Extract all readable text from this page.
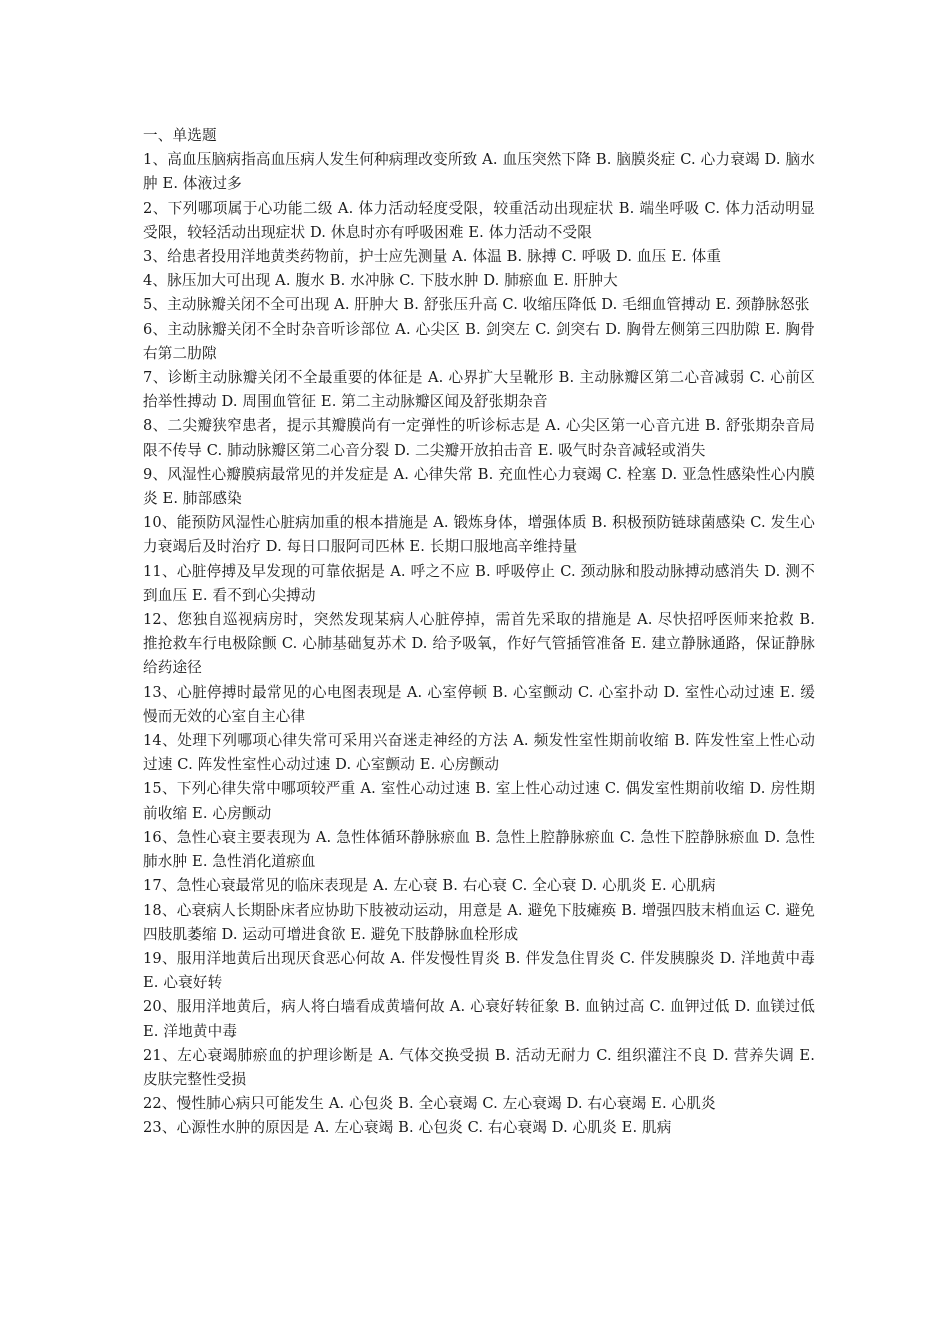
一、单选题

1、高血压脑病指高血压病人发生何种病理改变所致 A. 血压突然下降 B. 脑膜炎症 C. 心力衰竭 D. 脑水肿 E. 体液过多

2、下列哪项属于心功能二级 A. 体力活动轻度受限，较重活动出现症状 B. 端坐呼吸 C. 体力活动明显受限，较轻活动出现症状 D. 休息时亦有呼吸困难 E. 体力活动不受限

3、给患者投用洋地黄类药物前，护士应先测量 A. 体温 B. 脉搏 C. 呼吸 D. 血压 E. 体重

4、脉压加大可出现 A. 腹水 B. 水冲脉 C. 下肢水肿 D. 肺瘀血 E. 肝肿大

5、主动脉瓣关闭不全可出现 A. 肝肿大 B. 舒张压升高 C. 收缩压降低 D. 毛细血管搏动 E. 颈静脉怒张

6、主动脉瓣关闭不全时杂音听诊部位 A. 心尖区 B. 剑突左 C. 剑突右 D. 胸骨左侧第三四肋隙 E. 胸骨右第二肋隙

7、诊断主动脉瓣关闭不全最重要的体征是 A. 心界扩大呈靴形 B. 主动脉瓣区第二心音减弱 C. 心前区抬举性搏动 D. 周围血管征 E. 第二主动脉瓣区闻及舒张期杂音

8、二尖瓣狭窄患者，提示其瓣膜尚有一定弹性的听诊标志是 A. 心尖区第一心音亢进 B. 舒张期杂音局限不传导 C. 肺动脉瓣区第二心音分裂 D. 二尖瓣开放拍击音 E. 吸气时杂音减轻或消失

9、风湿性心瓣膜病最常见的并发症是 A. 心律失常 B. 充血性心力衰竭 C. 栓塞 D. 亚急性感染性心内膜炎 E. 肺部感染

10、能预防风湿性心脏病加重的根本措施是 A. 锻炼身体，增强体质 B. 积极预防链球菌感染 C. 发生心力衰竭后及时治疗 D. 每日口服阿司匹林 E. 长期口服地高辛维持量

11、心脏停搏及早发现的可靠依据是 A. 呼之不应 B. 呼吸停止 C. 颈动脉和股动脉搏动感消失 D. 测不到血压 E. 看不到心尖搏动

12、您独自巡视病房时，突然发现某病人心脏停掉，需首先采取的措施是 A. 尽快招呼医师来抢救 B. 推抢救车行电极除颤 C. 心肺基础复苏术 D. 给予吸氧，作好气管插管准备 E. 建立静脉通路，保证静脉给药途径

13、心脏停搏时最常见的心电图表现是 A. 心室停顿 B. 心室颤动 C. 心室扑动 D. 室性心动过速 E. 缓慢而无效的心室自主心律

14、处理下列哪项心律失常可采用兴奋迷走神经的方法 A. 频发性室性期前收缩 B. 阵发性室上性心动过速 C. 阵发性室性心动过速 D. 心室颤动 E. 心房颤动

15、下列心律失常中哪项较严重 A. 室性心动过速 B. 室上性心动过速 C. 偶发室性期前收缩 D. 房性期前收缩 E. 心房颤动

16、急性心衰主要表现为 A. 急性体循环静脉瘀血 B. 急性上腔静脉瘀血 C. 急性下腔静脉瘀血 D. 急性肺水肿 E. 急性消化道瘀血

17、急性心衰最常见的临床表现是 A. 左心衰 B. 右心衰 C. 全心衰 D. 心肌炎 E. 心肌病

18、心衰病人长期卧床者应协助下肢被动运动，用意是 A. 避免下肢瘫痪 B. 增强四肢末梢血运 C. 避免四肢肌萎缩 D. 运动可增进食欲 E. 避免下肢静脉血栓形成

19、服用洋地黄后出现厌食恶心何故 A. 伴发慢性胃炎 B. 伴发急住胃炎 C. 伴发胰腺炎 D. 洋地黄中毒 E. 心衰好转

20、服用洋地黄后，病人将白墙看成黄墙何故 A. 心衰好转征象 B. 血钠过高 C. 血钾过低 D. 血镁过低 E. 洋地黄中毒

21、左心衰竭肺瘀血的护理诊断是 A. 气体交换受损 B. 活动无耐力 C. 组织灌注不良 D. 营养失调 E. 皮肤完整性受损

22、慢性肺心病只可能发生 A. 心包炎 B. 全心衰竭 C. 左心衰竭 D. 右心衰竭 E. 心肌炎

23、心源性水肿的原因是 A. 左心衰竭 B. 心包炎 C. 右心衰竭 D. 心肌炎 E. 肌病
